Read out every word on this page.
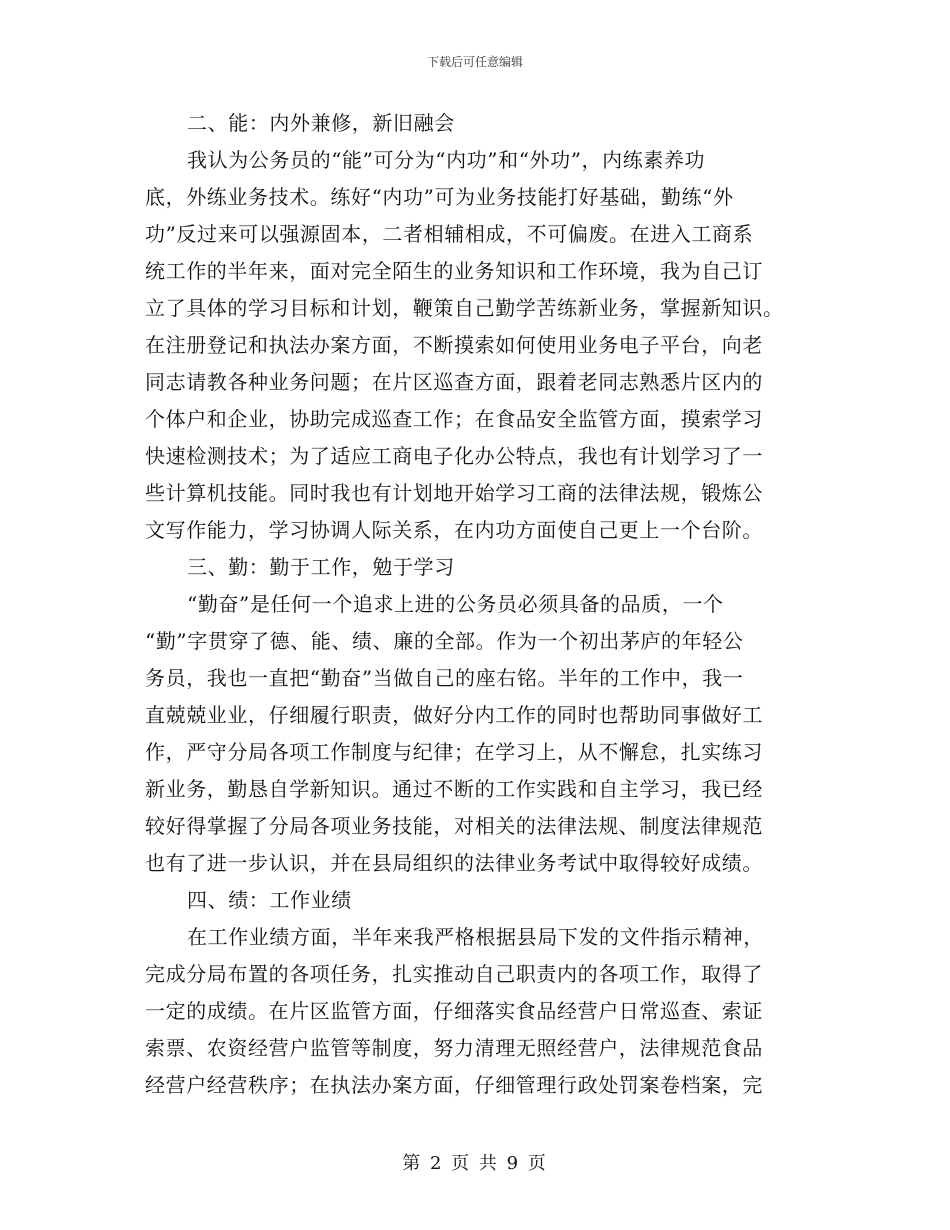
下载后可任意编辑

二、能：内外兼修，新旧融会

我认为公务员的“能”可分为“内功”和“外功”，内练素养功

底，外练业务技术。练好“内功”可为业务技能打好基础，勤练“外

功”反过来可以强源固本，二者相辅相成，不可偏废。在进入工商系

统工作的半年来，面对完全陌生的业务知识和工作环境，我为自己订

立了具体的学习目标和计划，鞭策自己勤学苦练新业务，掌握新知识。

在注册登记和执法办案方面，不断摸索如何使用业务电子平台，向老

同志请教各种业务问题；在片区巡查方面，跟着老同志熟悉片区内的

个体户和企业，协助完成巡查工作；在食品安全监管方面，摸索学习

快速检测技术；为了适应工商电子化办公特点，我也有计划学习了一

些计算机技能。同时我也有计划地开始学习工商的法律法规，锻炼公

文写作能力，学习协调人际关系，在内功方面使自己更上一个台阶。

三、勤：勤于工作，勉于学习

“勤奋”是任何一个追求上进的公务员必须具备的品质，一个

“勤”字贯穿了德、能、绩、廉的全部。作为一个初出茅庐的年轻公

务员，我也一直把“勤奋”当做自己的座右铭。半年的工作中，我一

直兢兢业业，仔细履行职责，做好分内工作的同时也帮助同事做好工

作，严守分局各项工作制度与纪律；在学习上，从不懈怠，扎实练习

新业务，勤恳自学新知识。通过不断的工作实践和自主学习，我已经

较好得掌握了分局各项业务技能，对相关的法律法规、制度法律规范

也有了进一步认识，并在县局组织的法律业务考试中取得较好成绩。

四、绩：工作业绩

在工作业绩方面，半年来我严格根据县局下发的文件指示精神，

完成分局布置的各项任务，扎实推动自己职责内的各项工作，取得了

一定的成绩。在片区监管方面，仔细落实食品经营户日常巡查、索证

索票、农资经营户监管等制度，努力清理无照经营户，法律规范食品

经营户经营秩序；在执法办案方面，仔细管理行政处罚案卷档案，完

第 2 页 共 9 页
